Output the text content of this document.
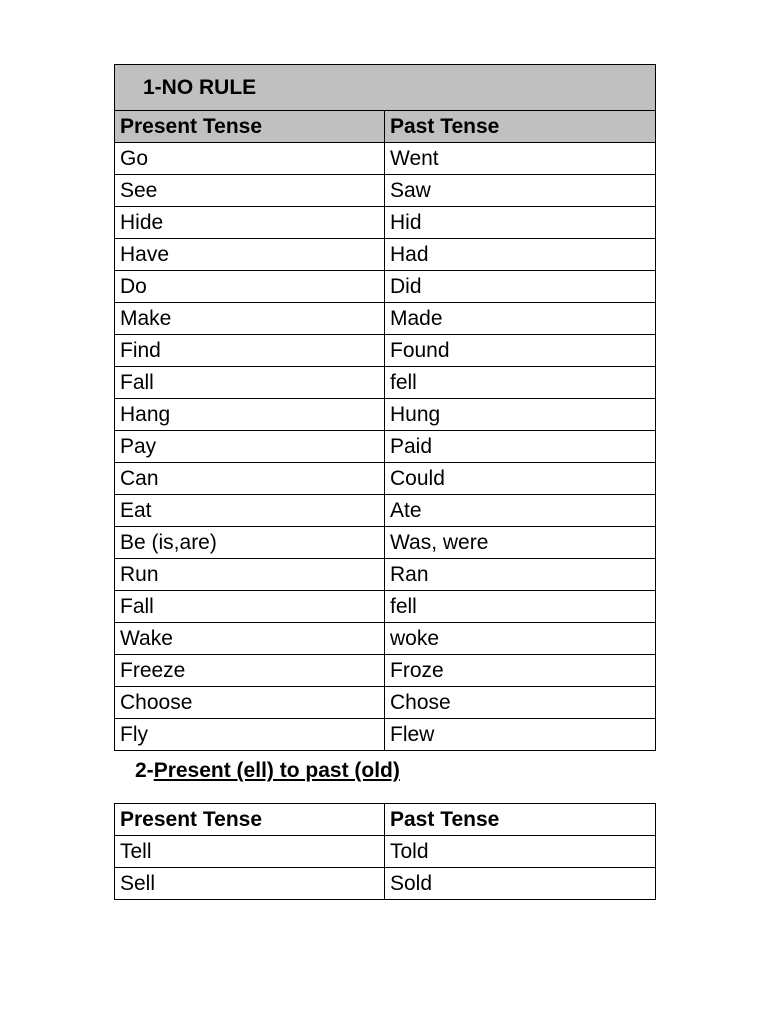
1-NO RULE	
Present Tense	Past Tense
Go	Went
See	Saw
Hide	Hid
Have	Had
Do	Did
Make	Made
Find	Found
Fall	fell
Hang	Hung
Pay	Paid
Can	Could
Eat	Ate
Be (is,are)	Was, were
Run	Ran
Fall	fell
Wake	woke
Freeze	Froze
Choose	Chose
Fly	Flew
2-Present (ell) to past (old)
Present Tense	Past Tense
Tell	Told
Sell	Sold
